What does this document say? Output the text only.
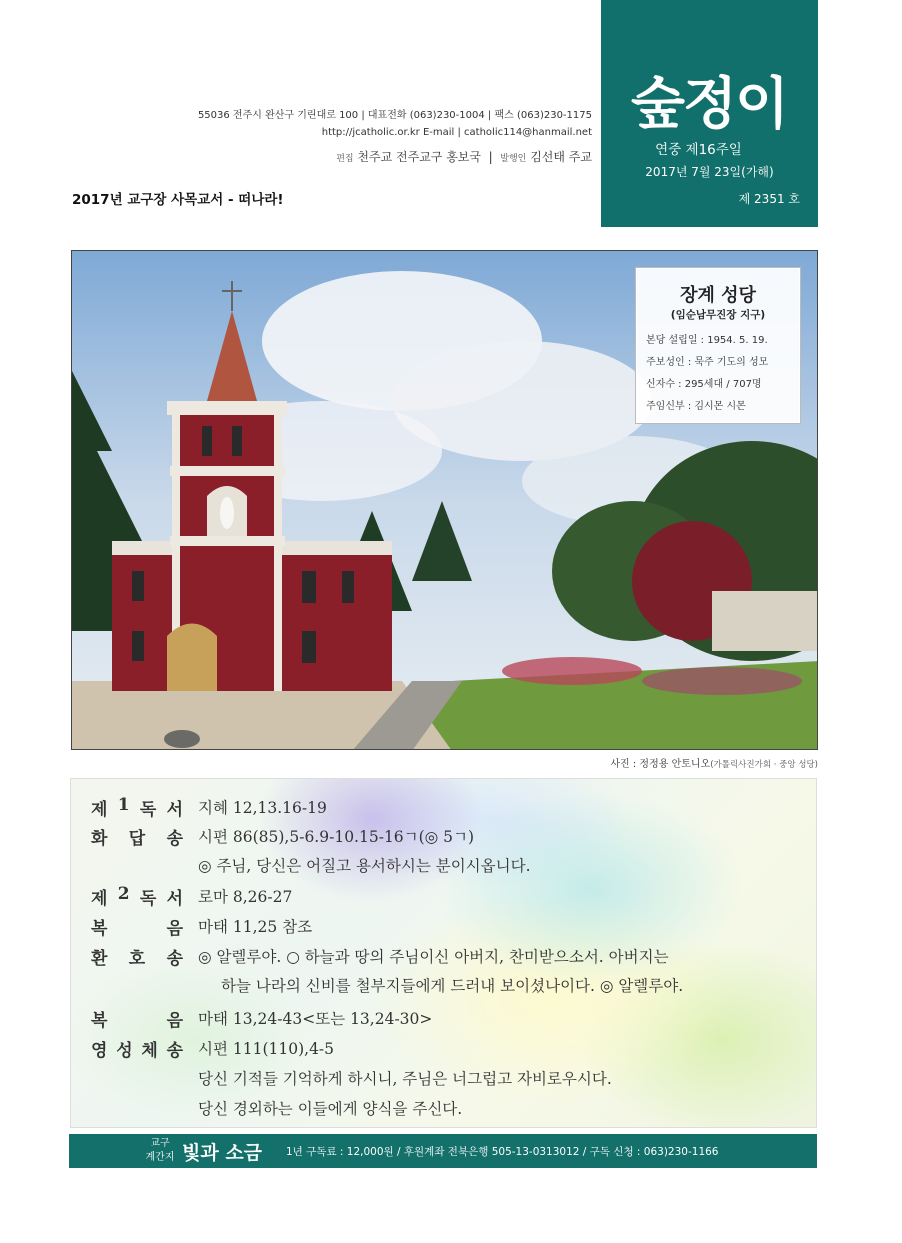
55036 전주시 완산구 기린대로 100 | 대표전화 (063)230-1004 | 팩스 (063)230-1175
http://jcatholic.or.kr E-mail | catholic114@hanmail.net
편집 천주교 전주교구 홍보국  |  발행인 김선태 주교
2017년 교구장 사목교서 - 떠나라!
숲정이
연중 제16주일
2017년 7월 23일(가해)
제 2351 호
장계 성당
(임순남무진장 지구)
본당 설립일 : 1954. 5. 19.
주보성인 : 묵주 기도의 성모
신자수 : 295세대 / 707명
주임신부 : 김시몬 시몬
사진 : 정정용 안토니오(가톨릭사진가회 · 중앙 성당)
제 1 독 서 지혜 12,13.16-19
화 답 송 시편 86(85),5-6.9-10.15-16ㄱ(◎ 5ㄱ)
◎ 주님, 당신은 어질고 용서하시는 분이시옵니다.
제 2 독 서 로마 8,26-27
복	음 마태 11,25 참조
환 호 송 ◎ 알렐루야. ○ 하늘과 땅의 주님이신 아버지, 찬미받으소서. 아버지는
하늘 나라의 신비를 철부지들에게 드러내 보이셨나이다. ◎ 알렐루야.
복	음 마태 13,24-43<또는 13,24-30>
영 성 체 송 시편 111(110),4-5
당신 기적들 기억하게 하시니, 주님은 너그럽고 자비로우시다.
당신 경외하는 이들에게 양식을 주신다.
교구
계간지 빛과 소금 1년 구독료 : 12,000원 / 후원계좌 전북은행 505-13-0313012 / 구독 신청 : 063)230-1166
